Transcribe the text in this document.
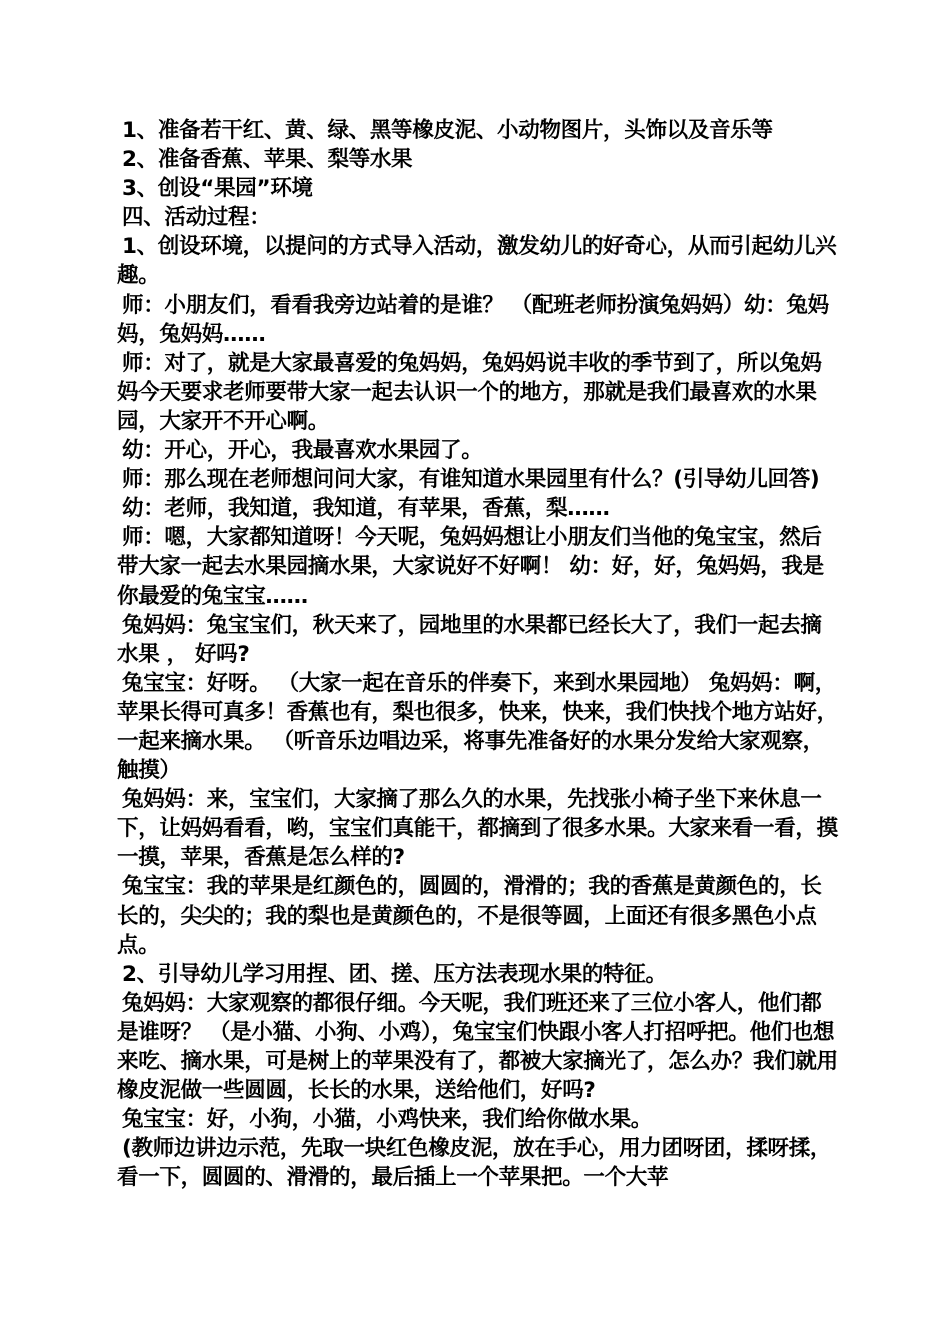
1、准备若干红、黄、绿、黑等橡皮泥、小动物图片，头饰以及音乐等

2、准备香蕉、苹果、梨等水果

3、创设“果园”环境

四、活动过程：

1、创设环境，以提问的方式导入活动，激发幼儿的好奇心，从而引起幼儿兴趣。

师：小朋友们，看看我旁边站着的是谁？ （配班老师扮演兔妈妈）幼：兔妈妈，兔妈妈……

师：对了，就是大家最喜爱的兔妈妈，兔妈妈说丰收的季节到了，所以兔妈妈今天要求老师要带大家一起去认识一个的地方，那就是我们最喜欢的水果园，大家开不开心啊。

幼：开心，开心，我最喜欢水果园了。

师：那么现在老师想问问大家，有谁知道水果园里有什么？(引导幼儿回答)

幼：老师，我知道，我知道，有苹果，香蕉，梨……

师：嗯，大家都知道呀！今天呢，兔妈妈想让小朋友们当他的兔宝宝，然后带大家一起去水果园摘水果，大家说好不好啊！ 幼：好，好，兔妈妈，我是你最爱的兔宝宝……

兔妈妈：兔宝宝们，秋天来了，园地里的水果都已经长大了，我们一起去摘水果 ， 好吗?

兔宝宝：好呀。 （大家一起在音乐的伴奏下，来到水果园地） 兔妈妈：啊，苹果长得可真多！香蕉也有，梨也很多，快来，快来，我们快找个地方站好，一起来摘水果。 （听音乐边唱边采，将事先准备好的水果分发给大家观察，触摸）

兔妈妈：来，宝宝们，大家摘了那么久的水果，先找张小椅子坐下来休息一下，让妈妈看看，哟，宝宝们真能干，都摘到了很多水果。大家来看一看，摸一摸，苹果，香蕉是怎么样的?

兔宝宝：我的苹果是红颜色的，圆圆的，滑滑的；我的香蕉是黄颜色的，长长的，尖尖的；我的梨也是黄颜色的，不是很等圆，上面还有很多黑色小点点。

2、引导幼儿学习用捏、团、搓、压方法表现水果的特征。

兔妈妈：大家观察的都很仔细。今天呢，我们班还来了三位小客人，他们都是谁呀？ （是小猫、小狗、小鸡），兔宝宝们快跟小客人打招呼把。他们也想来吃、摘水果，可是树上的苹果没有了，都被大家摘光了，怎么办？我们就用橡皮泥做一些圆圆，长长的水果，送给他们，好吗?

兔宝宝：好，小狗，小猫，小鸡快来，我们给你做水果。

(教师边讲边示范，先取一块红色橡皮泥，放在手心，用力团呀团，揉呀揉，看一下，圆圆的、滑滑的，最后插上一个苹果把。一个大苹
